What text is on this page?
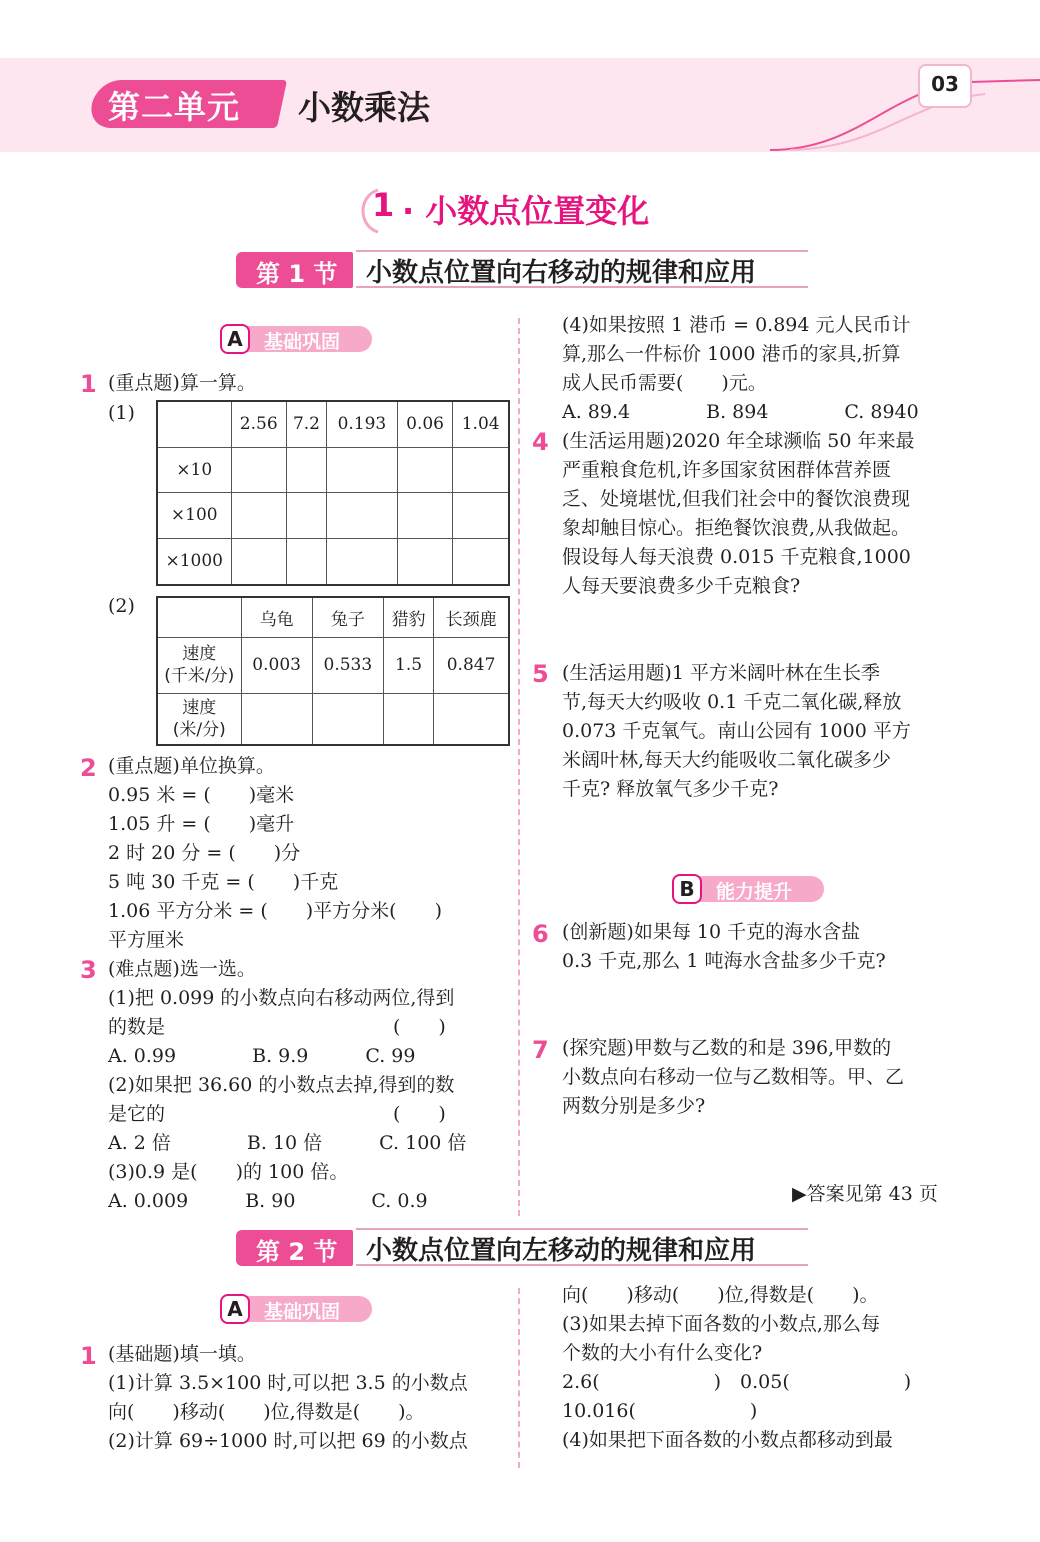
第二单元 小数乘法
03
1 · 小数点位置变化
第 1 节	小数点位置向右移动的规律和应用
A	基础巩固
1 (重点题)算一算。
(1)
	2.56	7.2	0.193	0.06	1.04
×10					
×100					
×1000					
(2)
	乌龟	兔子	猎豹	长颈鹿
速度
(千米/分)	0.003	0.533	1.5	0.847
速度
(米/分)				
2 (重点题)单位换算。
0.95 米 = (　　)毫米
1.05 升 = (　　)毫升
2 时 20 分 = (　　)分
5 吨 30 千克 = (　　)千克
1.06 平方分米 = (　　)平方分米(　　)
平方厘米
3 (难点题)选一选。
(1)把 0.099 的小数点向右移动两位,得到
的数是　　　　　　　　　　　　(　　)
A. 0.99　　　　B. 9.9　　　C. 99
(2)如果把 36.60 的小数点去掉,得到的数
是它的　　　　　　　　　　　　(　　)
A. 2 倍　　　　B. 10 倍　　　C. 100 倍
(3)0.9 是(　　)的 100 倍。
A. 0.009　　　B. 90　　　　C. 0.9
(4)如果按照 1 港币 = 0.894 元人民币计
算,那么一件标价 1000 港币的家具,折算
成人民币需要(　　)元。
A. 89.4　　　　B. 894　　　　C. 8940
4 (生活运用题)2020 年全球濒临 50 年来最
严重粮食危机,许多国家贫困群体营养匮
乏、处境堪忧,但我们社会中的餐饮浪费现
象却触目惊心。拒绝餐饮浪费,从我做起。
假设每人每天浪费 0.015 千克粮食,1000
人每天要浪费多少千克粮食?
5 (生活运用题)1 平方米阔叶林在生长季
节,每天大约吸收 0.1 千克二氧化碳,释放
0.073 千克氧气。南山公园有 1000 平方
米阔叶林,每天大约能吸收二氧化碳多少
千克? 释放氧气多少千克?
B	能力提升
6 (创新题)如果每 10 千克的海水含盐
0.3 千克,那么 1 吨海水含盐多少千克?
7 (探究题)甲数与乙数的和是 396,甲数的
小数点向右移动一位与乙数相等。甲、乙
两数分别是多少?
▶答案见第 43 页
第 2 节	小数点位置向左移动的规律和应用
A	基础巩固
1 (基础题)填一填。
(1)计算 3.5×100 时,可以把 3.5 的小数点
向(　　)移动(　　)位,得数是(　　)。
(2)计算 69÷1000 时,可以把 69 的小数点
向(　　)移动(　　)位,得数是(　　)。
(3)如果去掉下面各数的小数点,那么每
个数的大小有什么变化?
2.6(　　　　　　)　0.05(　　　　　　)
10.016(　　　　　　)
(4)如果把下面各数的小数点都移动到最
